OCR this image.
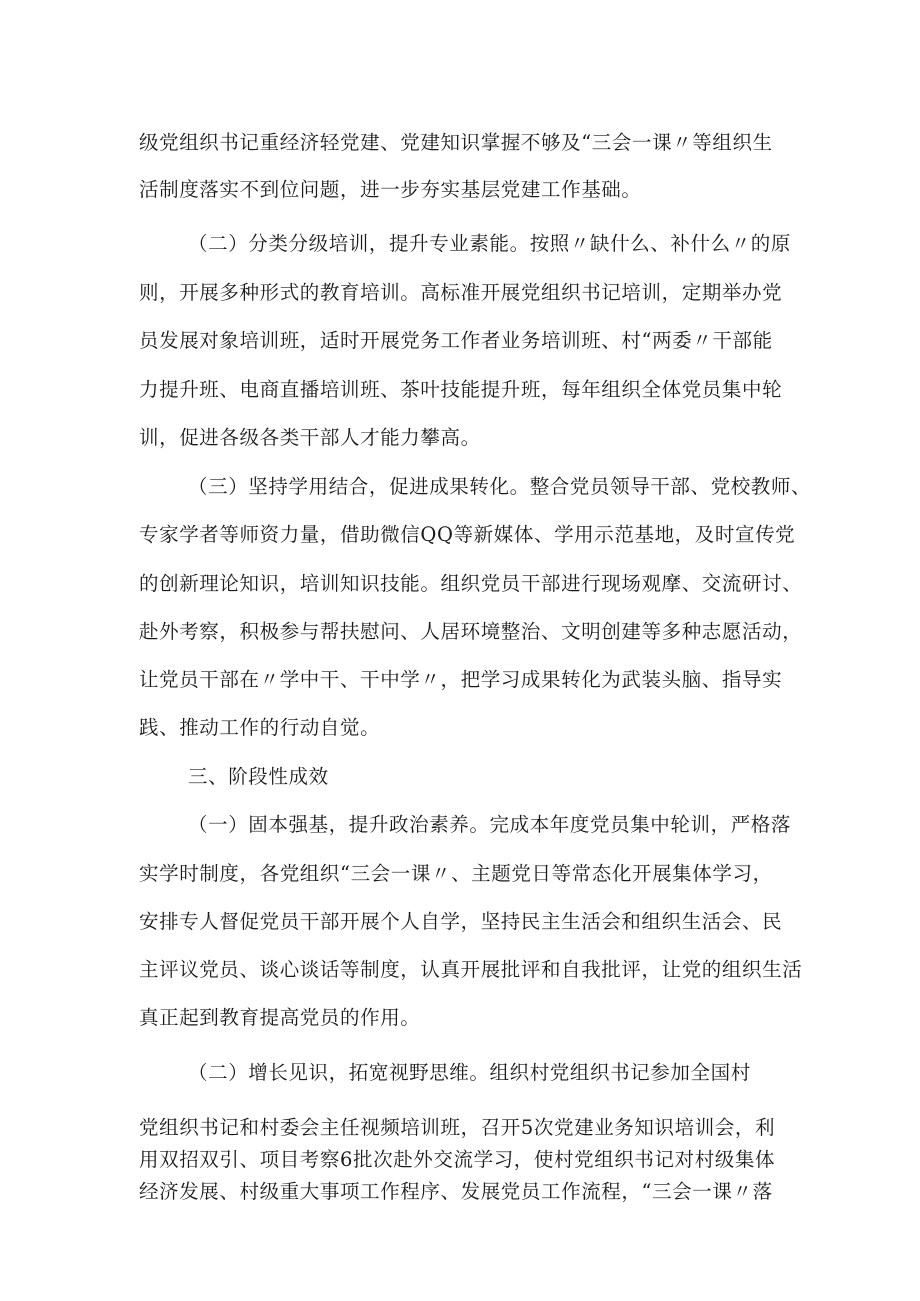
级党组织书记重经济轻党建、党建知识掌握不够及“三会一课〃等组织生
活制度落实不到位问题，进一步夯实基层党建工作基础。
（二）分类分级培训，提升专业素能。按照〃缺什么、补什么〃的原
则，开展多种形式的教育培训。高标准开展党组织书记培训，定期举办党
员发展对象培训班，适时开展党务工作者业务培训班、村“两委〃干部能
力提升班、电商直播培训班、茶叶技能提升班，每年组织全体党员集中轮
训，促进各级各类干部人才能力攀高。
（三）坚持学用结合，促进成果转化。整合党员领导干部、党校教师、
专家学者等师资力量，借助微信QQ等新媒体、学用示范基地，及时宣传党
的创新理论知识，培训知识技能。组织党员干部进行现场观摩、交流研讨、
赴外考察，积极参与帮扶慰问、人居环境整治、文明创建等多种志愿活动，
让党员干部在〃学中干、干中学〃，把学习成果转化为武装头脑、指导实
践、推动工作的行动自觉。
三、阶段性成效
（一）固本强基，提升政治素养。完成本年度党员集中轮训，严格落
实学时制度，各党组织“三会一课〃、主题党日等常态化开展集体学习，
安排专人督促党员干部开展个人自学，坚持民主生活会和组织生活会、民
主评议党员、谈心谈话等制度，认真开展批评和自我批评，让党的组织生活
真正起到教育提高党员的作用。
（二）增长见识，拓宽视野思维。组织村党组织书记参加全国村
党组织书记和村委会主任视频培训班，召开5次党建业务知识培训会，利
用双招双引、项目考察6批次赴外交流学习，使村党组织书记对村级集体
经济发展、村级重大事项工作程序、发展党员工作流程，“三会一课〃落
